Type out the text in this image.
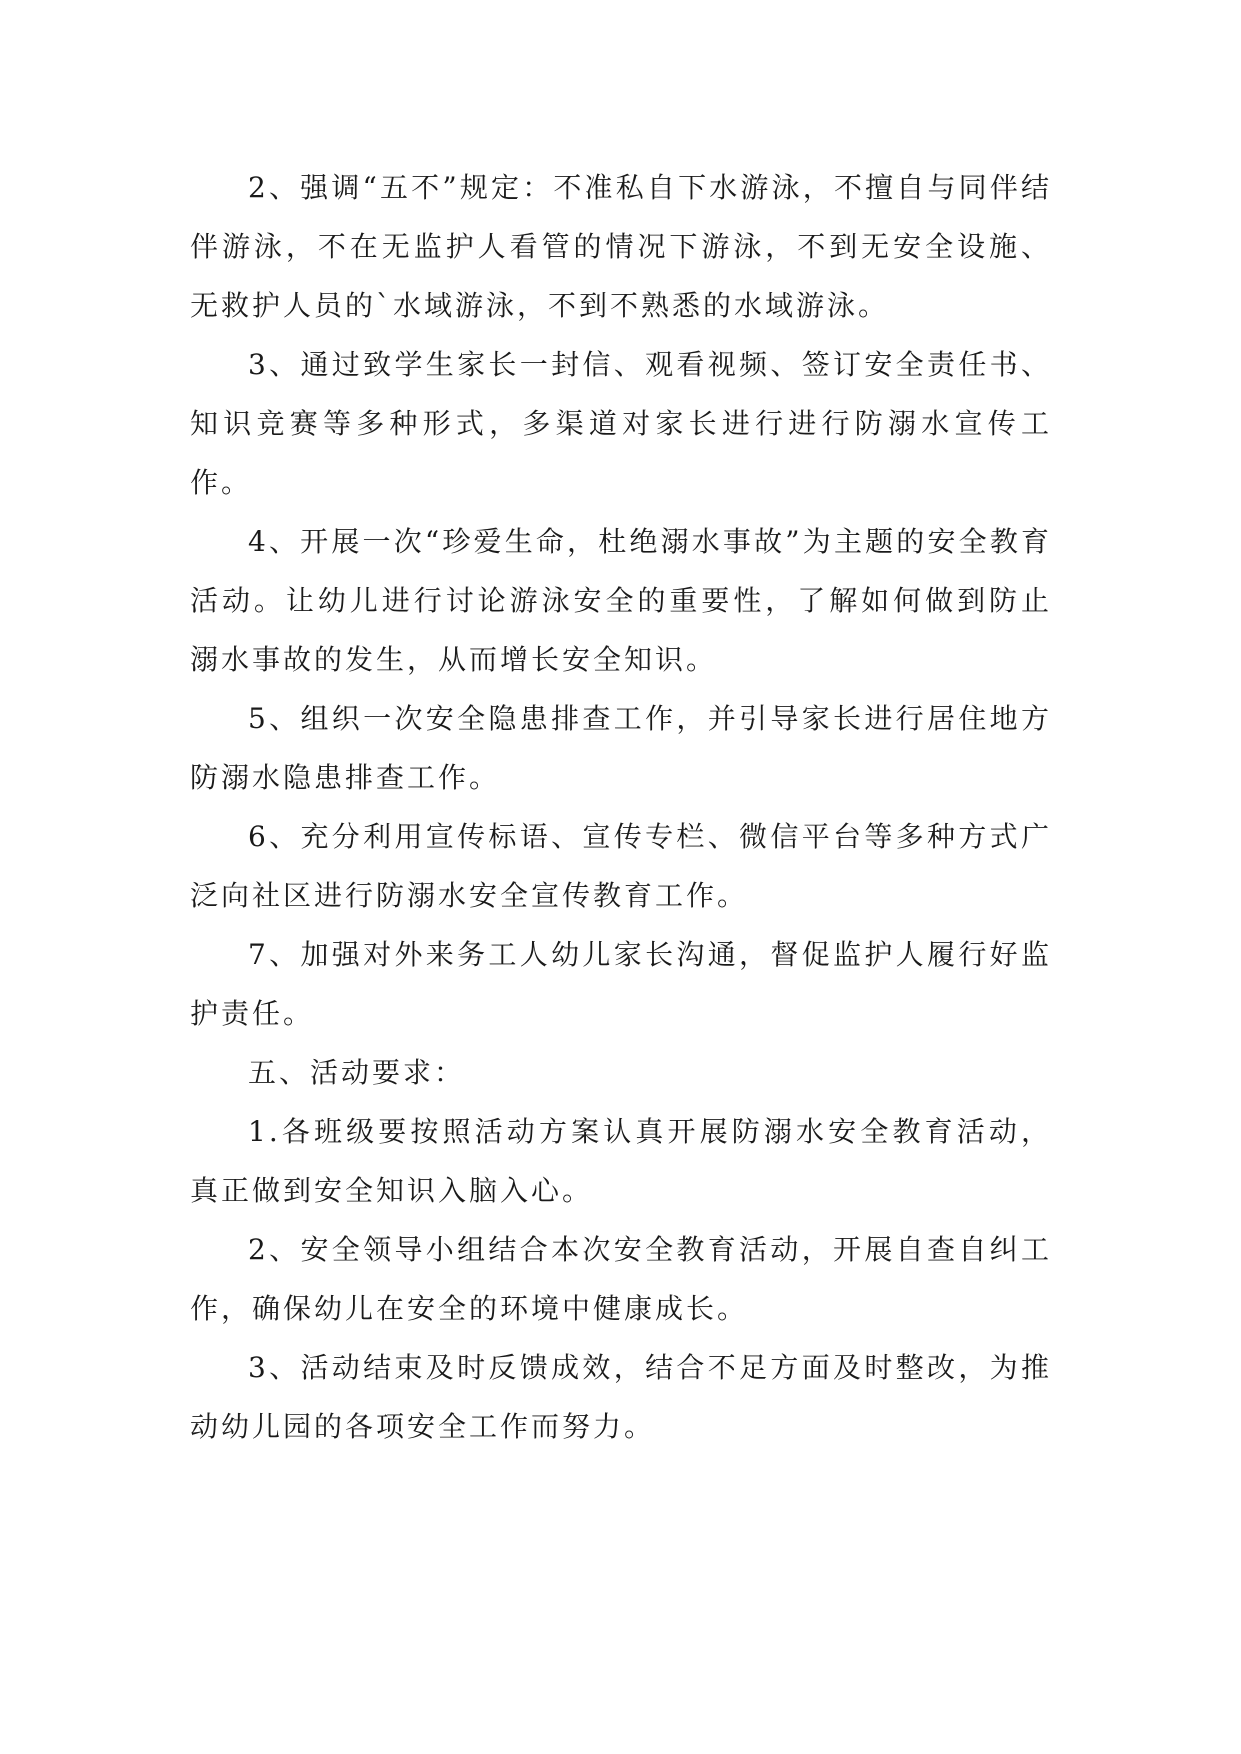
2、强调“五不”规定：不准私自下水游泳，不擅自与同伴结伴游泳，不在无监护人看管的情况下游泳，不到无安全设施、无救护人员的`水域游泳，不到不熟悉的水域游泳。

3、通过致学生家长一封信、观看视频、签订安全责任书、知识竞赛等多种形式，多渠道对家长进行进行防溺水宣传工作。

4、开展一次“珍爱生命，杜绝溺水事故”为主题的安全教育活动。让幼儿进行讨论游泳安全的重要性，了解如何做到防止溺水事故的发生，从而增长安全知识。

5、组织一次安全隐患排查工作，并引导家长进行居住地方防溺水隐患排查工作。

6、充分利用宣传标语、宣传专栏、微信平台等多种方式广泛向社区进行防溺水安全宣传教育工作。

7、加强对外来务工人幼儿家长沟通，督促监护人履行好监护责任。

五、活动要求：

1.各班级要按照活动方案认真开展防溺水安全教育活动，真正做到安全知识入脑入心。

2、安全领导小组结合本次安全教育活动，开展自查自纠工作，确保幼儿在安全的环境中健康成长。

3、活动结束及时反馈成效，结合不足方面及时整改，为推动幼儿园的各项安全工作而努力。
